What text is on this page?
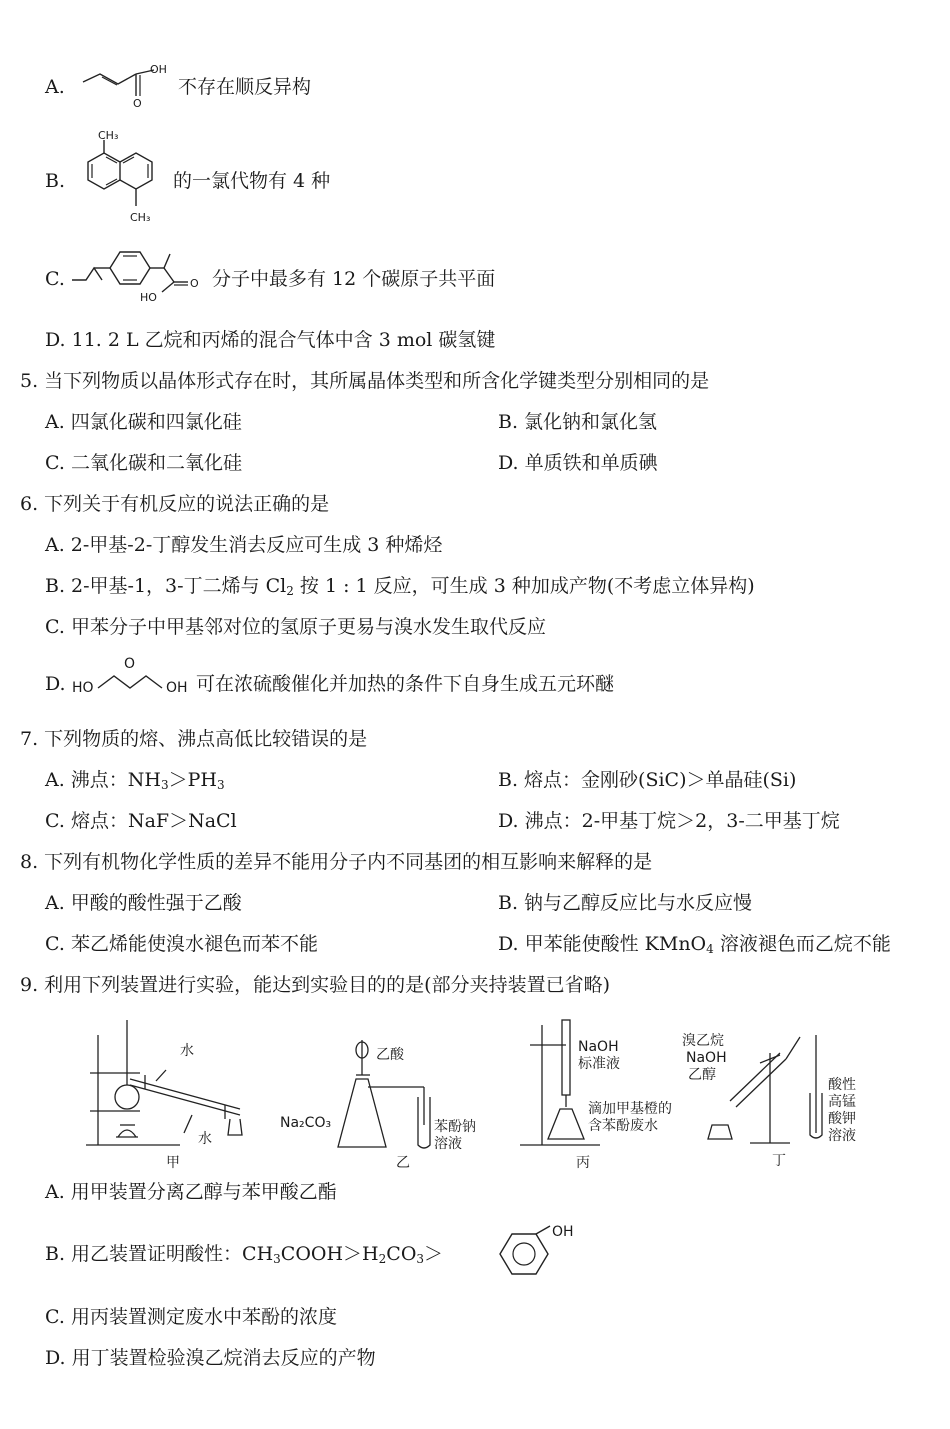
A.
OH
O
不存在顺反异构
B.
CH₃
CH₃
的一氯代物有 4 种
C.
HO
O 分子中最多有 12 个碳原子共平面
D. 11. 2 L 乙烷和丙烯的混合气体中含 3 mol 碳氢键
5. 当下列物质以晶体形式存在时，其所属晶体类型和所含化学键类型分别相同的是
A. 四氯化碳和四氯化硅	B. 氯化钠和氯化氢
C. 二氧化碳和二氧化硅	D. 单质铁和单质碘
6. 下列关于有机反应的说法正确的是
A. 2-甲基-2-丁醇发生消去反应可生成 3 种烯烃
B. 2-甲基-1，3-丁二烯与 $Cl_2$ 按 1 : 1 反应，可生成 3 种加成产物(不考虑立体异构)
C. 甲苯分子中甲基邻对位的氢原子更易与溴水发生取代反应
D. HO	OH
O
可在浓硫酸催化并加热的条件下自身生成五元环醚
7. 下列物质的熔、沸点高低比较错误的是
A. 沸点：$NH_3>PH_3$	B. 熔点：金刚砂(SiC)＞单晶硅(Si)
C. 熔点：NaF＞NaCl	D. 沸点：2-甲基丁烷＞2，3-二甲基丁烷
8. 下列有机物化学性质的差异不能用分子内不同基团的相互影响来解释的是
A. 甲酸的酸性强于乙酸	B. 钠与乙醇反应比与水反应慢
C. 苯乙烯能使溴水褪色而苯不能	D. 甲苯能使酸性 KMnO$_4$ 溶液褪色而乙烷不能
9. 利用下列装置进行实验，能达到实验目的的是(部分夹持装置已省略)
水
水
甲
乙酸
Na₂CO₃	苯酚钠
溶液
乙
NaOH
标准液
滴加甲基橙的
含苯酚废水
丙
溴乙烷
NaOH
乙醇
酸性
高锰
酸钾
溶液
丁
A. 用甲装置分离乙醇与苯甲酸乙酯
B. 用乙装置证明酸性：$CH_3COOH>H_2CO_3>$
OH
C. 用丙装置测定废水中苯酚的浓度
D. 用丁装置检验溴乙烷消去反应的产物
